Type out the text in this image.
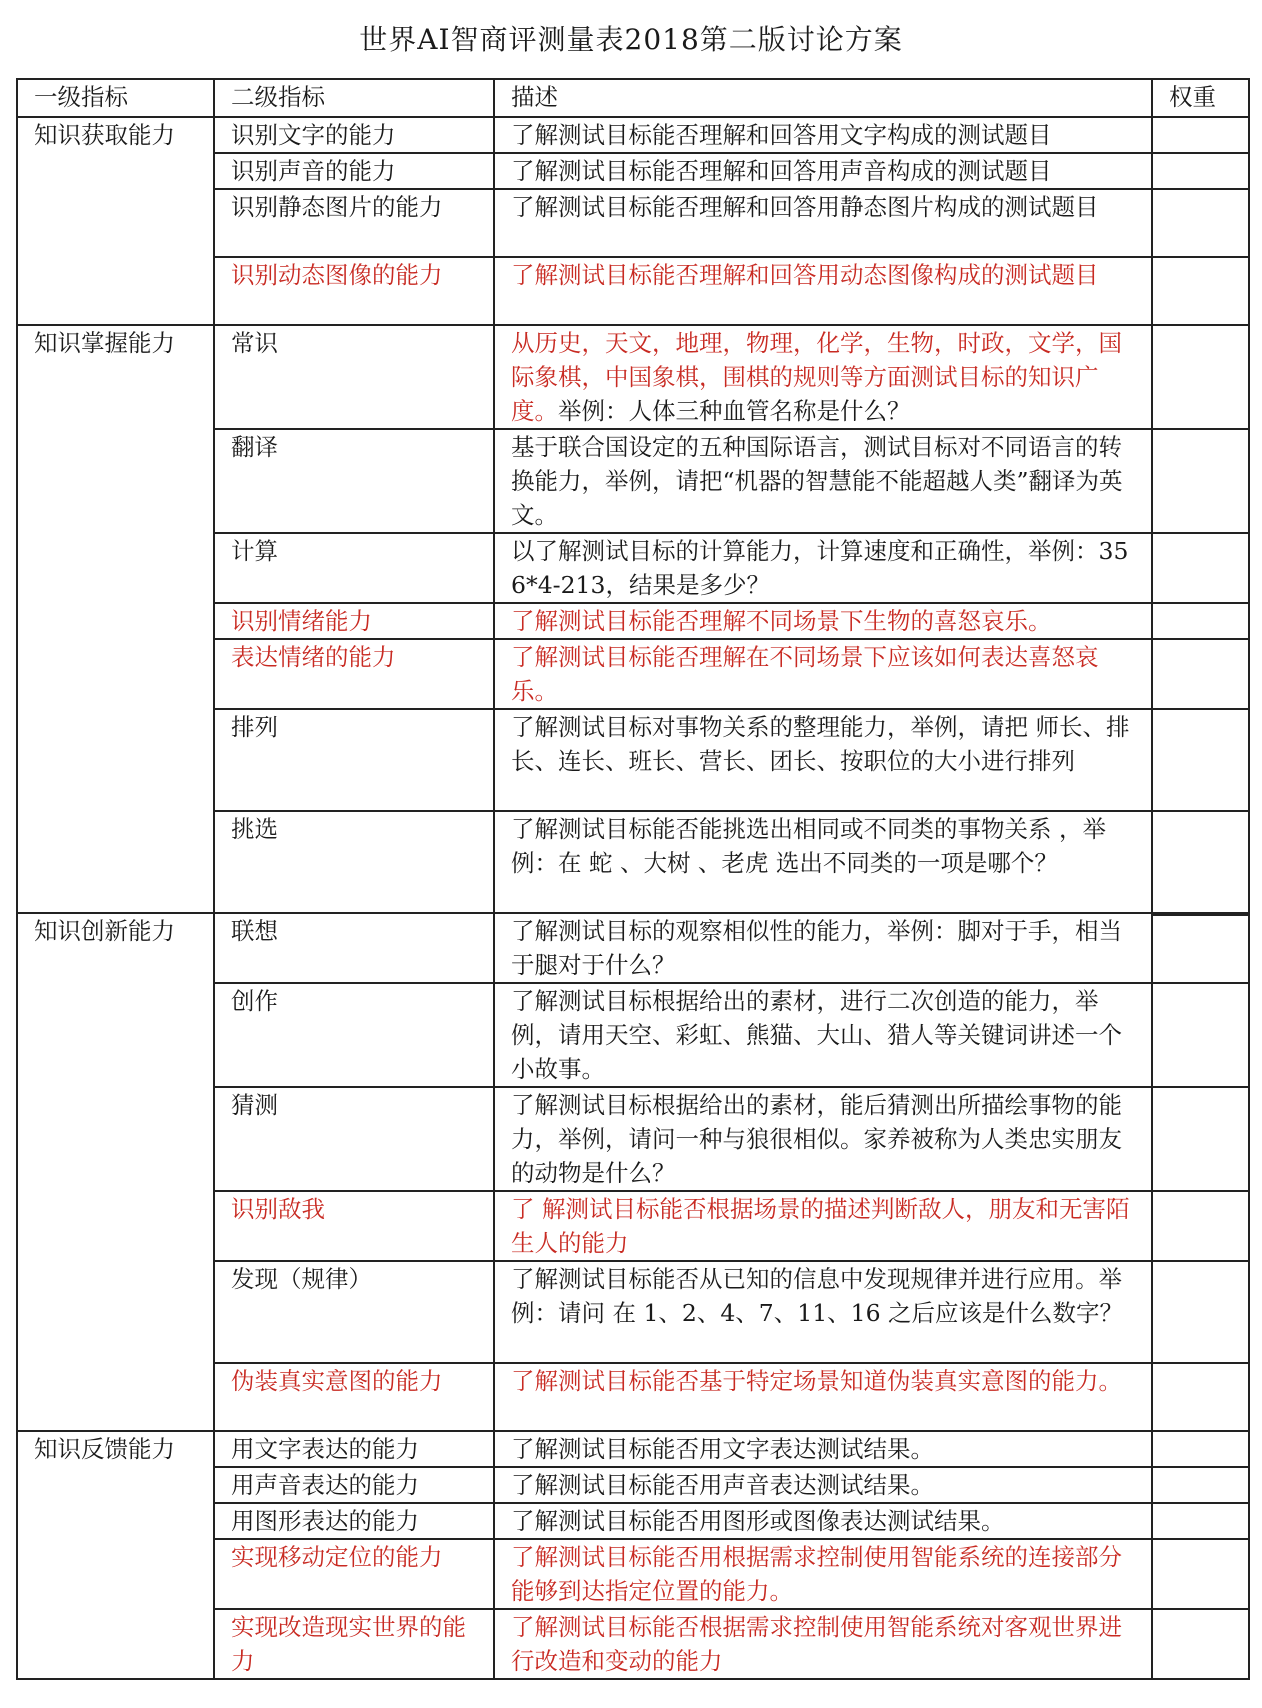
世界AI智商评测量表2018第二版讨论方案
一级指标	二级指标	描述	权重
知识获取能力	识别文字的能力	了解测试目标能否理解和回答用文字构成的测试题目	
	识别声音的能力	了解测试目标能否理解和回答用声音构成的测试题目	
	识别静态图片的能力	了解测试目标能否理解和回答用静态图片构成的测试题目	
	识别动态图像的能力	了解测试目标能否理解和回答用动态图像构成的测试题目	
知识掌握能力	常识	从历史，天文，地理，物理，化学，生物，时政，文学，国际象棋，中国象棋，围棋的规则等方面测试目标的知识广度。举例：人体三种血管名称是什么？	
	翻译	基于联合国设定的五种国际语言，测试目标对不同语言的转换能力，举例，请把“机器的智慧能不能超越人类”翻译为英文。	
	计算	以了解测试目标的计算能力，计算速度和正确性，举例：356*4-213，结果是多少？	
	识别情绪能力	了解测试目标能否理解不同场景下生物的喜怒哀乐。	
	表达情绪的能力	了解测试目标能否理解在不同场景下应该如何表达喜怒哀乐。	
	排列	了解测试目标对事物关系的整理能力，举例，请把 师长、排长、连长、班长、营长、团长、按职位的大小进行排列	
	挑选	了解测试目标能否能挑选出相同或不同类的事物关系 ，举例：在 蛇 、大树 、老虎 选出不同类的一项是哪个？	
知识创新能力	联想	了解测试目标的观察相似性的能力，举例：脚对于手，相当于腿对于什么？	

	创作	了解测试目标根据给出的素材，进行二次创造的能力，举例，请用天空、彩虹、熊猫、大山、猎人等关键词讲述一个小故事。	
	猜测	了解测试目标根据给出的素材，能后猜测出所描绘事物的能力，举例，请问一种与狼很相似。家养被称为人类忠实朋友的动物是什么？	
	识别敌我	了 解测试目标能否根据场景的描述判断敌人，朋友和无害陌生人的能力	
	发现（规律）	了解测试目标能否从已知的信息中发现规律并进行应用。举例：请问 在 1、2、4、7、11、16 之后应该是什么数字？	
	伪装真实意图的能力	了解测试目标能否基于特定场景知道伪装真实意图的能力。	
知识反馈能力	用文字表达的能力	了解测试目标能否用文字表达测试结果。	
	用声音表达的能力	了解测试目标能否用声音表达测试结果。	
	用图形表达的能力	了解测试目标能否用图形或图像表达测试结果。	
	实现移动定位的能力	了解测试目标能否用根据需求控制使用智能系统的连接部分能够到达指定位置的能力。	
	实现改造现实世界的能力	了解测试目标能否根据需求控制使用智能系统对客观世界进行改造和变动的能力	
